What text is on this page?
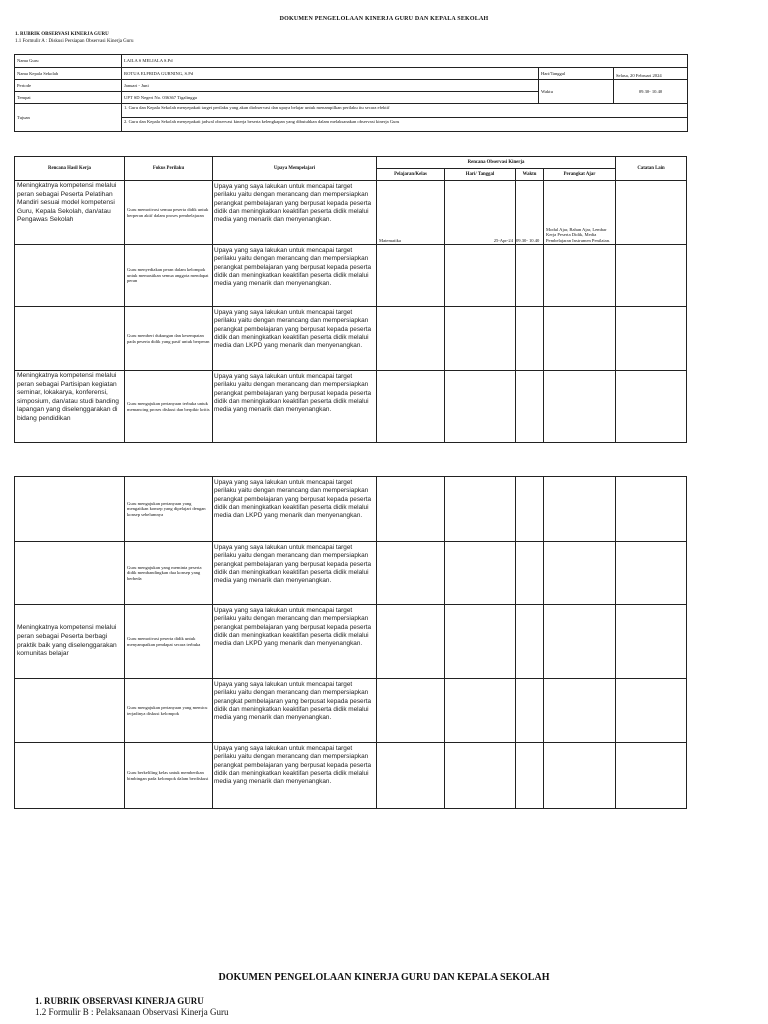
DOKUMEN PENGELOLAAN KINERJA GURU DAN KEPALA SEKOLAH
1. RUBRIK OBSERVASI KINERJA GURU
1.1 Formulir A : Diskusi Persiapan Observasi Kinerja Guru
Nama Guru	LAILA S MELIALA S.Pd		
Nama Kepala Sekolah	ROTUA ELFRIDA GURNING, S.Pd	Hari/Tanggal	Selasa, 20 Februari 2024
Periode	Januari - Juni	Waktu	09.30- 10.40
Tempat	UPT SD Negeri No. 036367 Tigalingga		
Tujuan	1. Guru dan Kepala Sekolah menyepakati target perilaku yang akan diobservasi dan upaya belajar untuk menampilkan perilaku itu secara efektif		
	2. Guru dan Kepala Sekolah menyepakati jadwal observasi kinerja beserta kelengkapan yang dibutuhkan dalam melaksanakan observasi kinerja Guru		
Rencana Hasil Kerja	Fokus Perilaku	Upaya Mempelajari	Rencana Observasi Kinerja				Catatan Lain
			Pelajaran/Kelas	Hari/ Tanggal	Waktu	Perangkat Ajar	
Meningkatnya kompetensi melalui peran sebagai Peserta Pelatihan Mandiri sesuai model kompetensi Guru, Kepala Sekolah, dan/atau Pengawas Sekolah	Guru memotivasi semua peserta didik untuk berperan aktif dalam proses pembelajaran	Upaya yang saya lakukan untuk mencapai target perilaku yaitu dengan merancang dan mempersiapkan perangkat pembelajaran yang berpusat kepada peserta didik dan meningkatkan keaktifan peserta didik melalui media yang menarik dan menyenangkan.	Matematika	25-Apr-24	09.30- 10.40	Modul Ajar, Bahan Ajar, Lembar Kerja Peserta Didik, Media Pembelajaran Instrumen Penilaian.	
	Guru menyediakan peran dalam kelompok untuk memastikan semua anggota mendapat peran	Upaya yang saya lakukan untuk mencapai target perilaku yaitu dengan merancang dan mempersiapkan perangkat pembelajaran yang berpusat kepada peserta didik dan meningkatkan keaktifan peserta didik melalui media yang menarik dan menyenangkan.					
	Guru memberi dukungan dan kesempatan pada peserta didik yang pasif untuk berperan	Upaya yang saya lakukan untuk mencapai target perilaku yaitu dengan merancang dan mempersiapkan perangkat pembelajaran yang berpusat kepada peserta didik dan meningkatkan keaktifan peserta didik melalui media dan LKPD yang menarik dan menyenangkan.					
Meningkatnya kompetensi melalui peran sebagai Partisipan kegiatan seminar, lokakarya, konferensi, simposium, dan/atau studi banding lapangan yang diselenggarakan di bidang pendidikan	Guru mengajukan pertanyaan terbuka untuk memancing proses diskusi dan berpikir kritis	Upaya yang saya lakukan untuk mencapai target perilaku yaitu dengan merancang dan mempersiapkan perangkat pembelajaran yang berpusat kepada peserta didik dan meningkatkan keaktifan peserta didik melalui media yang menarik dan menyenangkan.					
	Guru mengajukan pertanyaan yang mengaitkan konsep yang dipelajari dengan konsep sebelumnya	Upaya yang saya lakukan untuk mencapai target perilaku yaitu dengan merancang dan mempersiapkan perangkat pembelajaran yang berpusat kepada peserta didik dan meningkatkan keaktifan peserta didik melalui media dan LKPD yang menarik dan menyenangkan.					
	Guru mengajukan yang meminta peserta didik membandingkan dua konsep yang berbeda	Upaya yang saya lakukan untuk mencapai target perilaku yaitu dengan merancang dan mempersiapkan perangkat pembelajaran yang berpusat kepada peserta didik dan meningkatkan keaktifan peserta didik melalui media yang menarik dan menyenangkan.					
Meningkatnya kompetensi melalui peran sebagai Peserta berbagi praktik baik yang diselenggarakan komunitas belajar	Guru memotivasi peserta didik untuk menyampaikan pendapat secara terbuka	Upaya yang saya lakukan untuk mencapai target perilaku yaitu dengan merancang dan mempersiapkan perangkat pembelajaran yang berpusat kepada peserta didik dan meningkatkan keaktifan peserta didik melalui media dan LKPD yang menarik dan menyenangkan.					
	Guru mengajukan pertanyaan yang memicu terjadinya diskusi kelompok	Upaya yang saya lakukan untuk mencapai target perilaku yaitu dengan merancang dan mempersiapkan perangkat pembelajaran yang berpusat kepada peserta didik dan meningkatkan keaktifan peserta didik melalui media yang menarik dan menyenangkan.					
	Guru berkeliling kelas untuk memberikan bimbingan pada kelompok dalam berdiskusi	Upaya yang saya lakukan untuk mencapai target perilaku yaitu dengan merancang dan mempersiapkan perangkat pembelajaran yang berpusat kepada peserta didik dan meningkatkan keaktifan peserta didik melalui media yang menarik dan menyenangkan.					
DOKUMEN PENGELOLAAN KINERJA GURU DAN KEPALA SEKOLAH
1. RUBRIK OBSERVASI KINERJA GURU
1.2 Formulir B : Pelaksanaan Observasi Kinerja Guru
